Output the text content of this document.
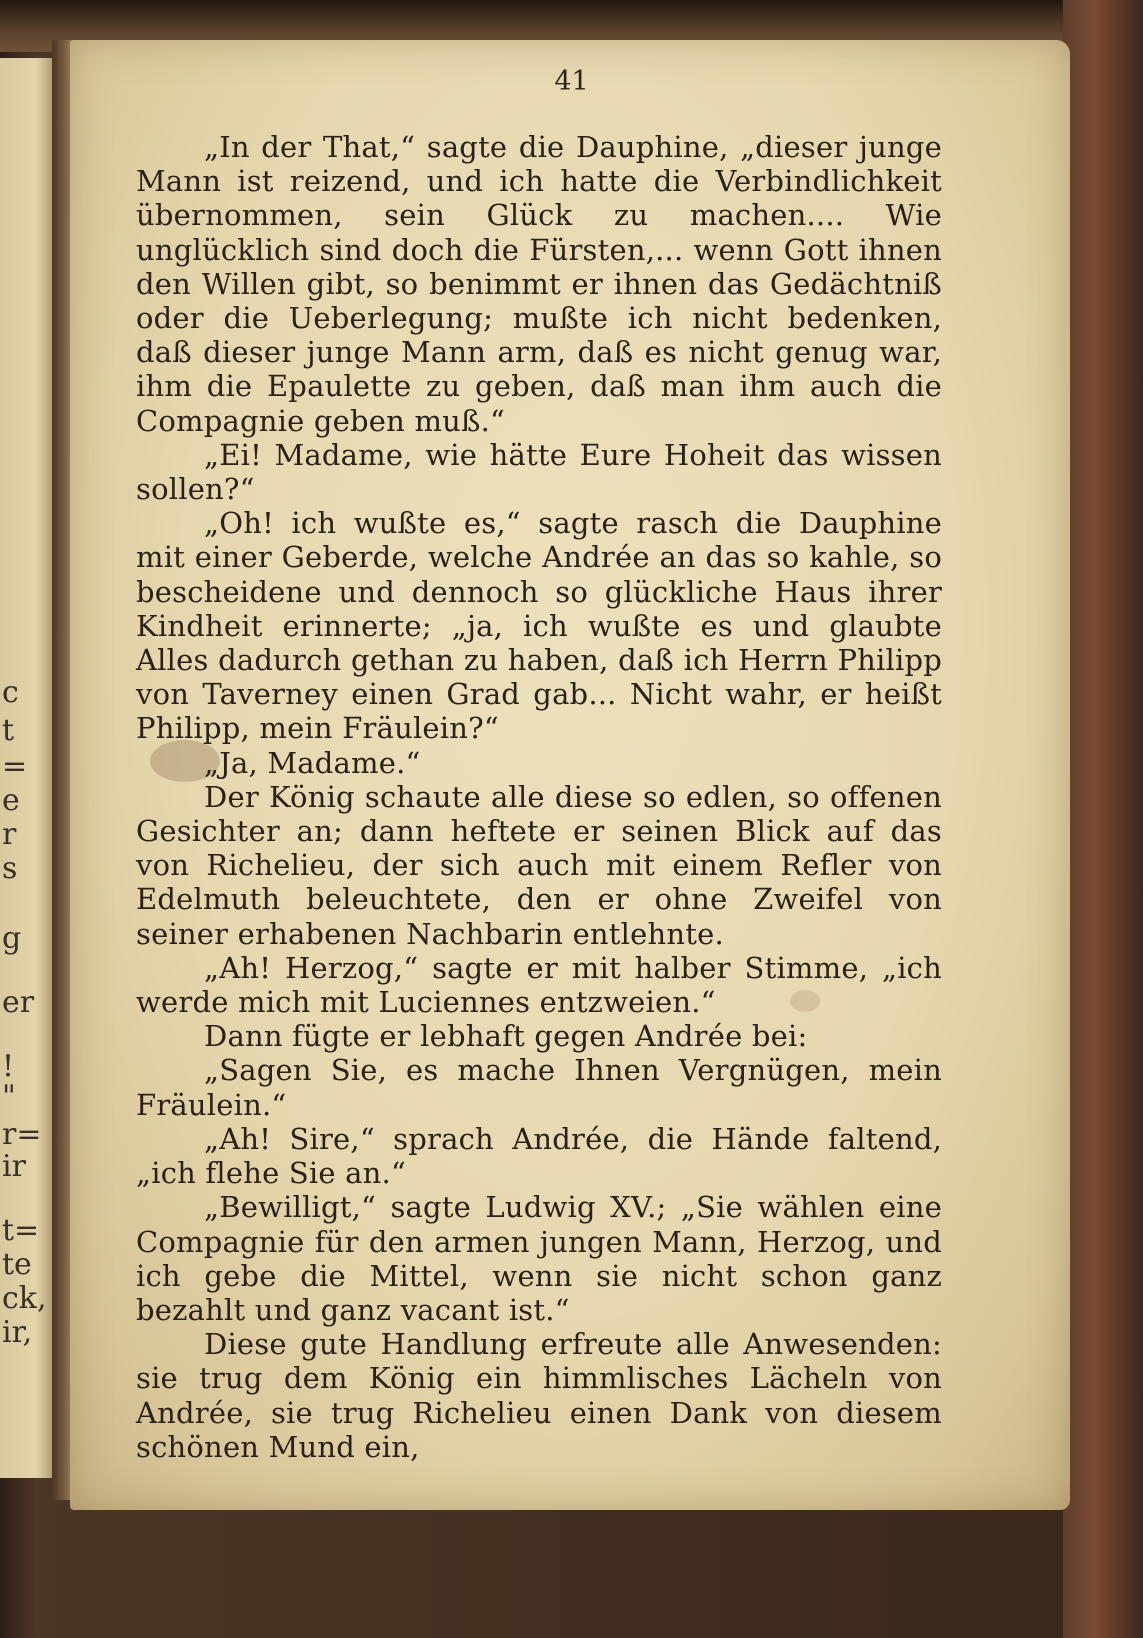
c
t
=
e
r
s
g
er
!
"
r=
ir
t=
te
ck,
ir,
41

„In der That,“ sagte die Dauphine, „dieser junge Mann ist reizend, und ich hatte die Verbindlichkeit übernommen, sein Glück zu machen.... Wie unglücklich sind doch die Fürsten,... wenn Gott ihnen den Willen gibt, so benimmt er ihnen das Gedächtniß oder die Ueberlegung; mußte ich nicht bedenken, daß dieser junge Mann arm, daß es nicht genug war, ihm die Epaulette zu geben, daß man ihm auch die Compagnie geben muß.“

„Ei! Madame, wie hätte Eure Hoheit das wissen sollen?“

„Oh! ich wußte es,“ sagte rasch die Dauphine mit einer Geberde, welche Andrée an das so kahle, so bescheidene und dennoch so glückliche Haus ihrer Kindheit erinnerte; „ja, ich wußte es und glaubte Alles dadurch gethan zu haben, daß ich Herrn Philipp von Taverney einen Grad gab... Nicht wahr, er heißt Philipp, mein Fräulein?“

„Ja, Madame.“

Der König schaute alle diese so edlen, so offenen Gesichter an; dann heftete er seinen Blick auf das von Richelieu, der sich auch mit einem Refler von Edelmuth beleuchtete, den er ohne Zweifel von seiner erhabenen Nachbarin entlehnte.

„Ah! Herzog,“ sagte er mit halber Stimme, „ich werde mich mit Luciennes entzweien.“

Dann fügte er lebhaft gegen Andrée bei:

„Sagen Sie, es mache Ihnen Vergnügen, mein Fräulein.“

„Ah! Sire,“ sprach Andrée, die Hände faltend, „ich flehe Sie an.“

„Bewilligt,“ sagte Ludwig XV.; „Sie wählen eine Compagnie für den armen jungen Mann, Herzog, und ich gebe die Mittel, wenn sie nicht schon ganz bezahlt und ganz vacant ist.“

Diese gute Handlung erfreute alle Anwesenden: sie trug dem König ein himmlisches Lächeln von Andrée, sie trug Richelieu einen Dank von diesem schönen Mund ein,
